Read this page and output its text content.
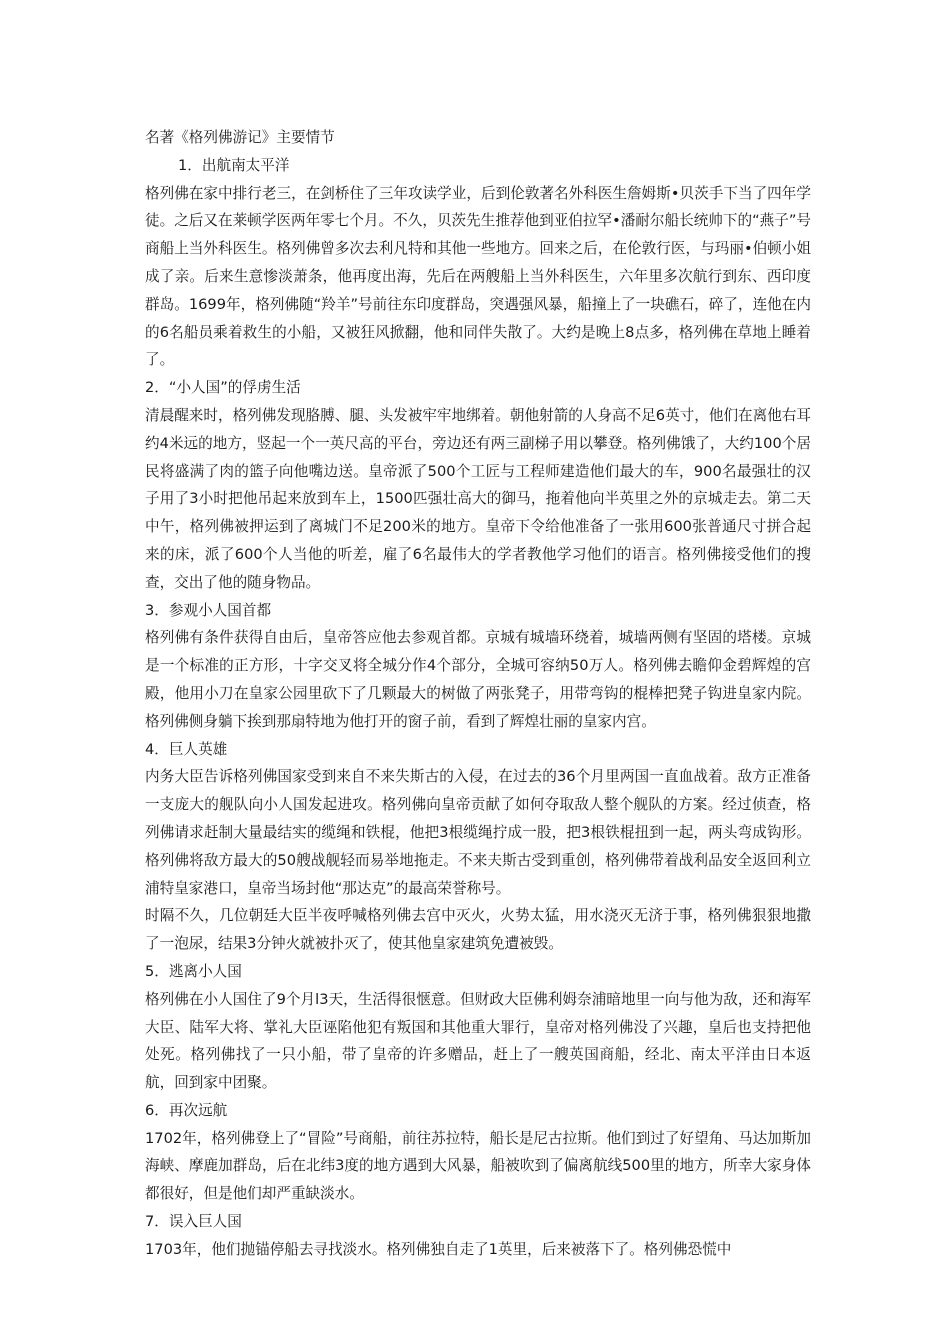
名著《格列佛游记》主要情节
1．出航南太平洋

格列佛在家中排行老三，在剑桥住了三年攻读学业，后到伦敦著名外科医生詹姆斯•贝茨手下当了四年学徒。之后又在莱顿学医两年零七个月。不久，贝茨先生推荐他到亚伯拉罕•潘耐尔船长统帅下的“燕子”号商船上当外科医生。格列佛曾多次去利凡特和其他一些地方。回来之后，在伦敦行医，与玛丽•伯顿小姐成了亲。后来生意惨淡萧条，他再度出海，先后在两艘船上当外科医生，六年里多次航行到东、西印度群岛。1699年，格列佛随“羚羊”号前往东印度群岛，突遇强风暴，船撞上了一块礁石，碎了，连他在内的6名船员乘着救生的小船，又被狂风掀翻，他和同伴失散了。大约是晚上8点多，格列佛在草地上睡着了。

2．“小人国”的俘虏生活

清晨醒来时，格列佛发现胳膊、腿、头发被牢牢地绑着。朝他射箭的人身高不足6英寸，他们在离他右耳约4米远的地方，竖起一个一英尺高的平台，旁边还有两三副梯子用以攀登。格列佛饿了，大约100个居民将盛满了肉的篮子向他嘴边送。皇帝派了500个工匠与工程师建造他们最大的车，900名最强壮的汉子用了3小时把他吊起来放到车上，1500匹强壮高大的御马，拖着他向半英里之外的京城走去。第二天中午，格列佛被押运到了离城门不足200米的地方。皇帝下令给他准备了一张用600张普通尺寸拼合起来的床，派了600个人当他的听差，雇了6名最伟大的学者教他学习他们的语言。格列佛接受他们的搜查，交出了他的随身物品。

3．参观小人国首都

格列佛有条件获得自由后，皇帝答应他去参观首都。京城有城墙环绕着，城墙两侧有坚固的塔楼。京城是一个标准的正方形，十字交叉将全城分作4个部分，全城可容纳50万人。格列佛去瞻仰金碧辉煌的宫殿，他用小刀在皇家公园里砍下了几颗最大的树做了两张凳子，用带弯钩的棍棒把凳子钩进皇家内院。格列佛侧身躺下挨到那扇特地为他打开的窗子前，看到了辉煌壮丽的皇家内宫。

4．巨人英雄

内务大臣告诉格列佛国家受到来自不来失斯古的入侵，在过去的36个月里两国一直血战着。敌方正准备一支庞大的舰队向小人国发起进攻。格列佛向皇帝贡献了如何夺取敌人整个舰队的方案。经过侦查，格列佛请求赶制大量最结实的缆绳和铁棍，他把3根缆绳拧成一股，把3根铁棍扭到一起，两头弯成钩形。格列佛将敌方最大的50艘战舰轻而易举地拖走。不来夫斯古受到重创，格列佛带着战利品安全返回利立浦特皇家港口，皇帝当场封他“那达克”的最高荣誉称号。

时隔不久，几位朝廷大臣半夜呼喊格列佛去宫中灭火，火势太猛，用水浇灭无济于事，格列佛狠狠地撒了一泡尿，结果3分钟火就被扑灭了，使其他皇家建筑免遭被毁。

5．逃离小人国

格列佛在小人国住了9个月l3天，生活得很惬意。但财政大臣佛利姆奈浦暗地里一向与他为敌，还和海军大臣、陆军大将、掌礼大臣诬陷他犯有叛国和其他重大罪行，皇帝对格列佛没了兴趣，皇后也支持把他处死。格列佛找了一只小船，带了皇帝的许多赠品，赶上了一艘英国商船，经北、南太平洋由日本返航，回到家中团聚。

6．再次远航

1702年，格列佛登上了“冒险”号商船，前往苏拉特，船长是尼古拉斯。他们到过了好望角、马达加斯加海峡、摩鹿加群岛，后在北纬3度的地方遇到大风暴，船被吹到了偏离航线500里的地方，所幸大家身体都很好，但是他们却严重缺淡水。

7．误入巨人国

1703年，他们抛锚停船去寻找淡水。格列佛独自走了1英里，后来被落下了。格列佛恐慌中
